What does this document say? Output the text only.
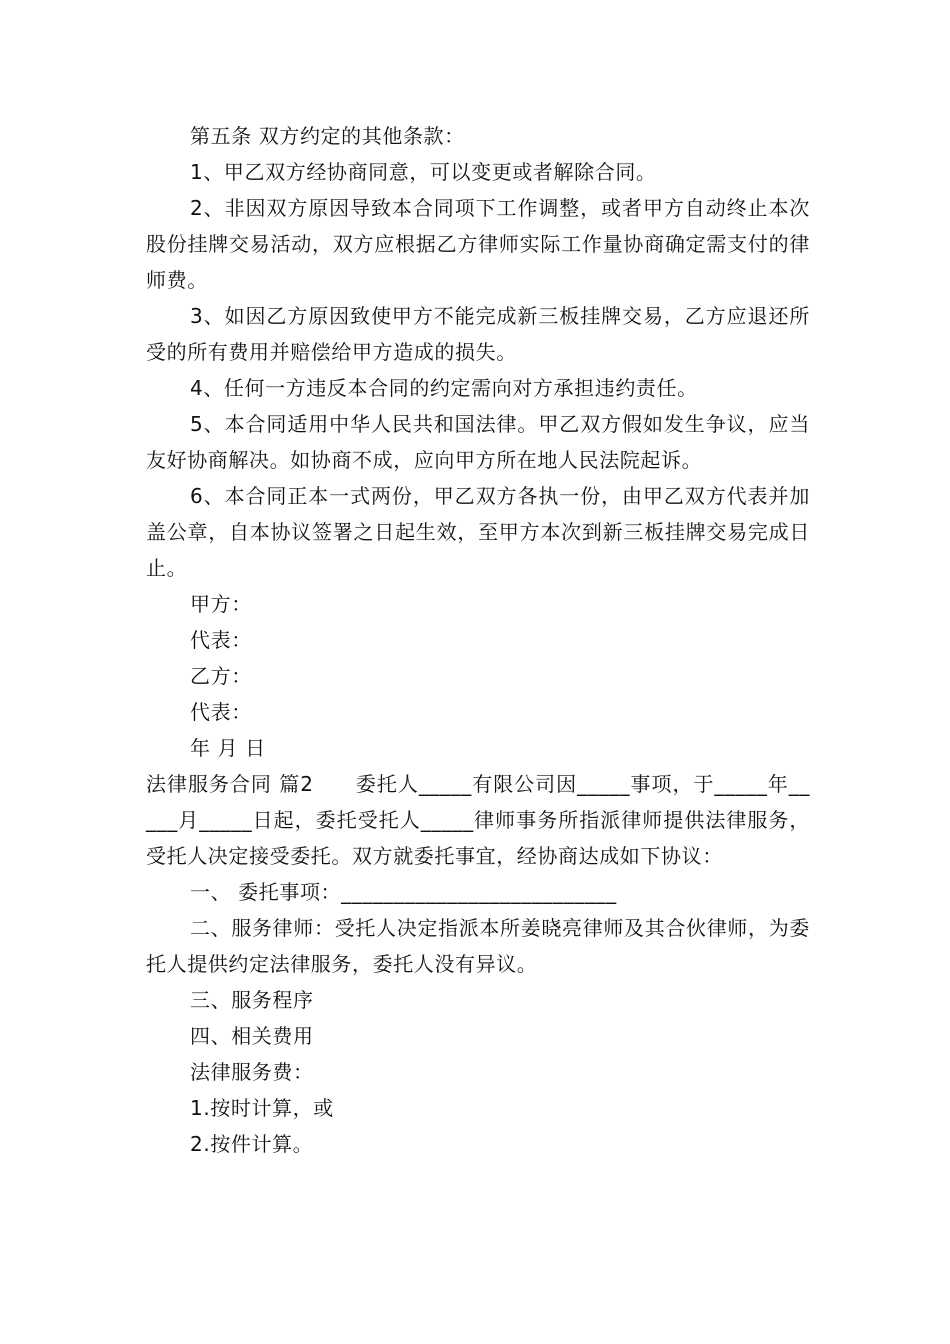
第五条 双方约定的其他条款：

1、甲乙双方经协商同意，可以变更或者解除合同。

2、非因双方原因导致本合同项下工作调整，或者甲方自动终止本次股份挂牌交易活动，双方应根据乙方律师实际工作量协商确定需支付的律师费。

3、如因乙方原因致使甲方不能完成新三板挂牌交易，乙方应退还所受的所有费用并赔偿给甲方造成的损失。

4、任何一方违反本合同的约定需向对方承担违约责任。

5、本合同适用中华人民共和国法律。甲乙双方假如发生争议，应当友好协商解决。如协商不成，应向甲方所在地人民法院起诉。

6、本合同正本一式两份，甲乙双方各执一份，由甲乙双方代表并加盖公章，自本协议签署之日起生效，至甲方本次到新三板挂牌交易完成日止。

甲方：

代表：

乙方：

代表：

年 月 日

法律服务合同 篇2　　委托人_____有限公司因_____事项，于_____年_____月_____日起，委托受托人_____律师事务所指派律师提供法律服务，受托人决定接受委托。双方就委托事宜，经协商达成如下协议：

一、 委托事项：__________________________

二、服务律师：受托人决定指派本所姜晓亮律师及其合伙律师，为委托人提供约定法律服务，委托人没有异议。

三、服务程序

四、相关费用

法律服务费：

1.按时计算，或

2.按件计算。
